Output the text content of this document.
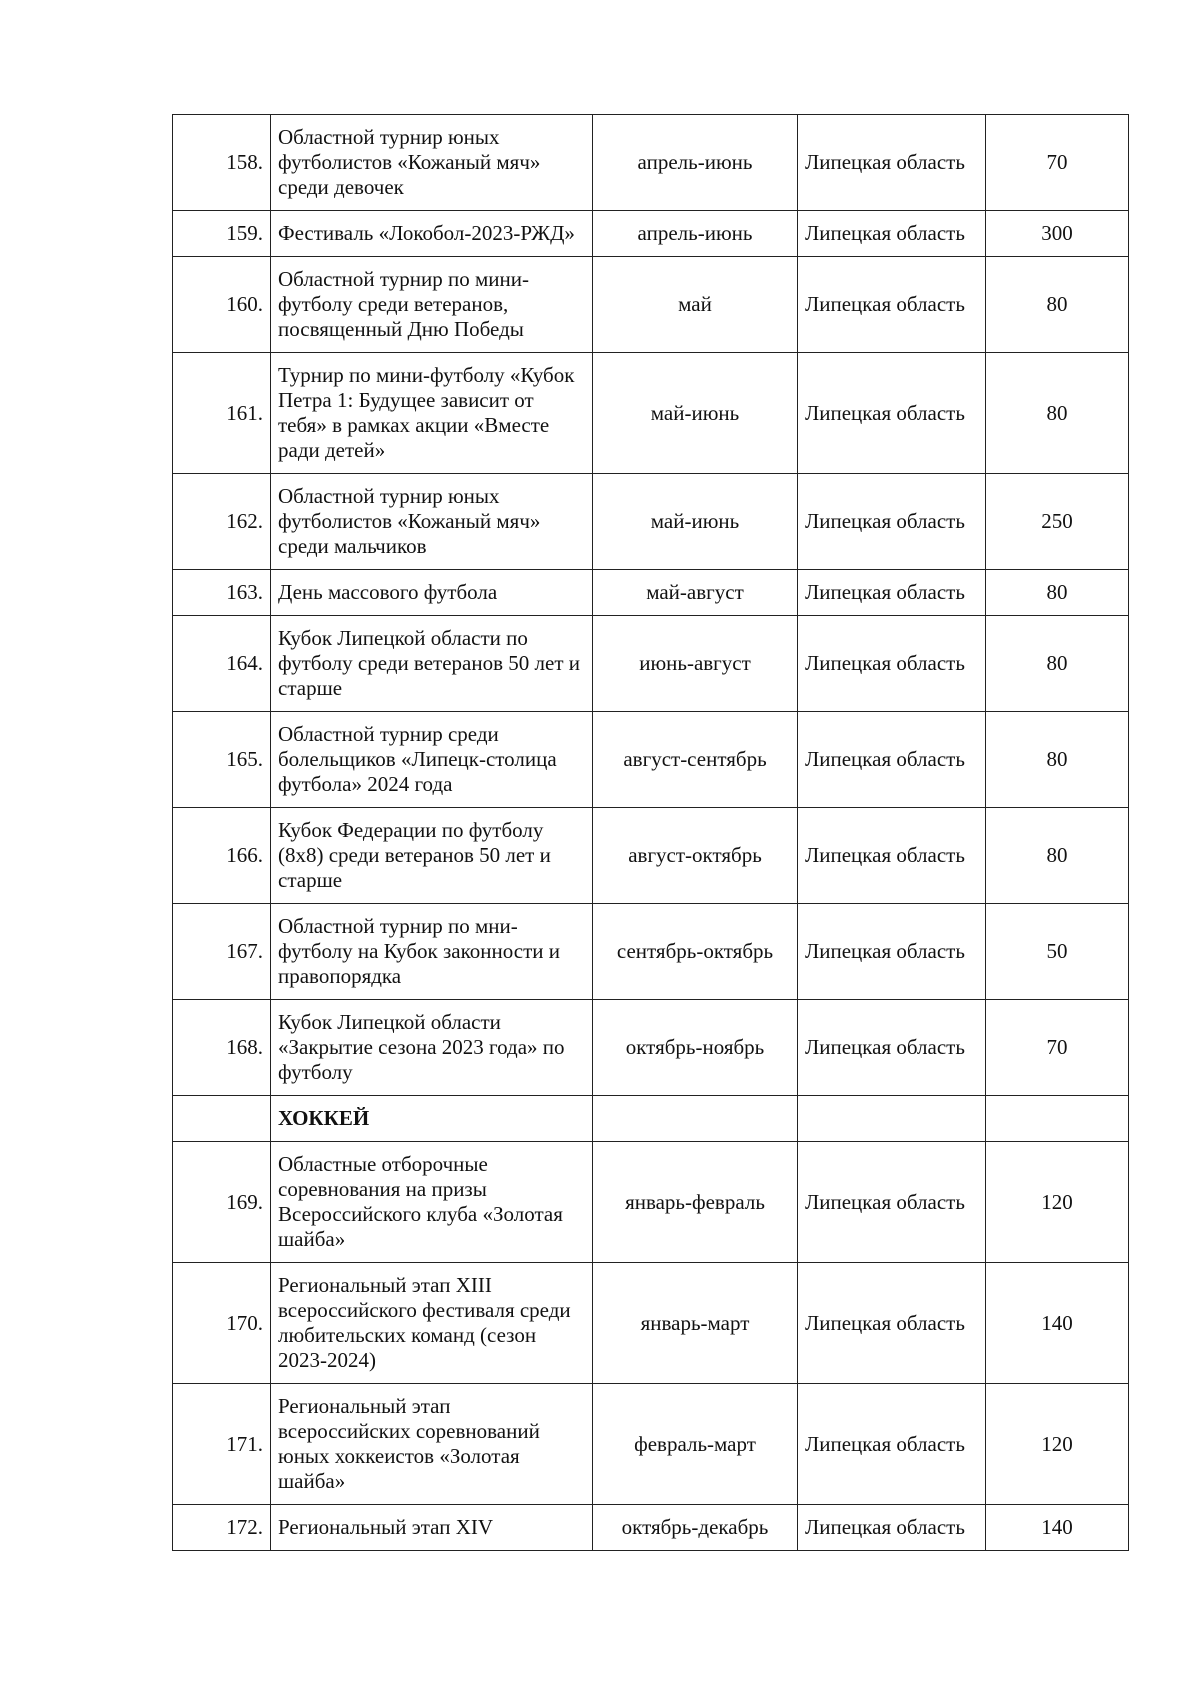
158.	Областной турнир юных футболистов «Кожаный мяч» среди девочек	апрель-июнь	Липецкая область	70
159.	Фестиваль «Локобол-2023-РЖД»	апрель-июнь	Липецкая область	300
160.	Областной турнир по мини-футболу среди ветеранов, посвященный Дню Победы	май	Липецкая область	80
161.	Турнир по мини-футболу «Кубок Петра 1: Будущее зависит от тебя» в рамках акции «Вместе ради детей»	май-июнь	Липецкая область	80
162.	Областной турнир юных футболистов «Кожаный мяч» среди мальчиков	май-июнь	Липецкая область	250
163.	День массового футбола	май-август	Липецкая область	80
164.	Кубок Липецкой области по футболу среди ветеранов 50 лет и старше	июнь-август	Липецкая область	80
165.	Областной турнир среди болельщиков «Липецк-столица футбола» 2024 года	август-сентябрь	Липецкая область	80
166.	Кубок Федерации по футболу (8х8) среди ветеранов 50 лет и старше	август-октябрь	Липецкая область	80
167.	Областной турнир по мни-футболу на Кубок законности и правопорядка	сентябрь-октябрь	Липецкая область	50
168.	Кубок Липецкой области «Закрытие сезона 2023 года» по футболу	октябрь-ноябрь	Липецкая область	70
	ХОККЕЙ			
169.	Областные отборочные соревнования на призы Всероссийского клуба «Золотая шайба»	январь-февраль	Липецкая область	120
170.	Региональный этап XIII всероссийского фестиваля среди любительских команд (сезон 2023-2024)	январь-март	Липецкая область	140
171.	Региональный этап всероссийских соревнований юных хоккеистов «Золотая шайба»	февраль-март	Липецкая область	120
172.	Региональный этап XIV	октябрь-декабрь	Липецкая область	140
